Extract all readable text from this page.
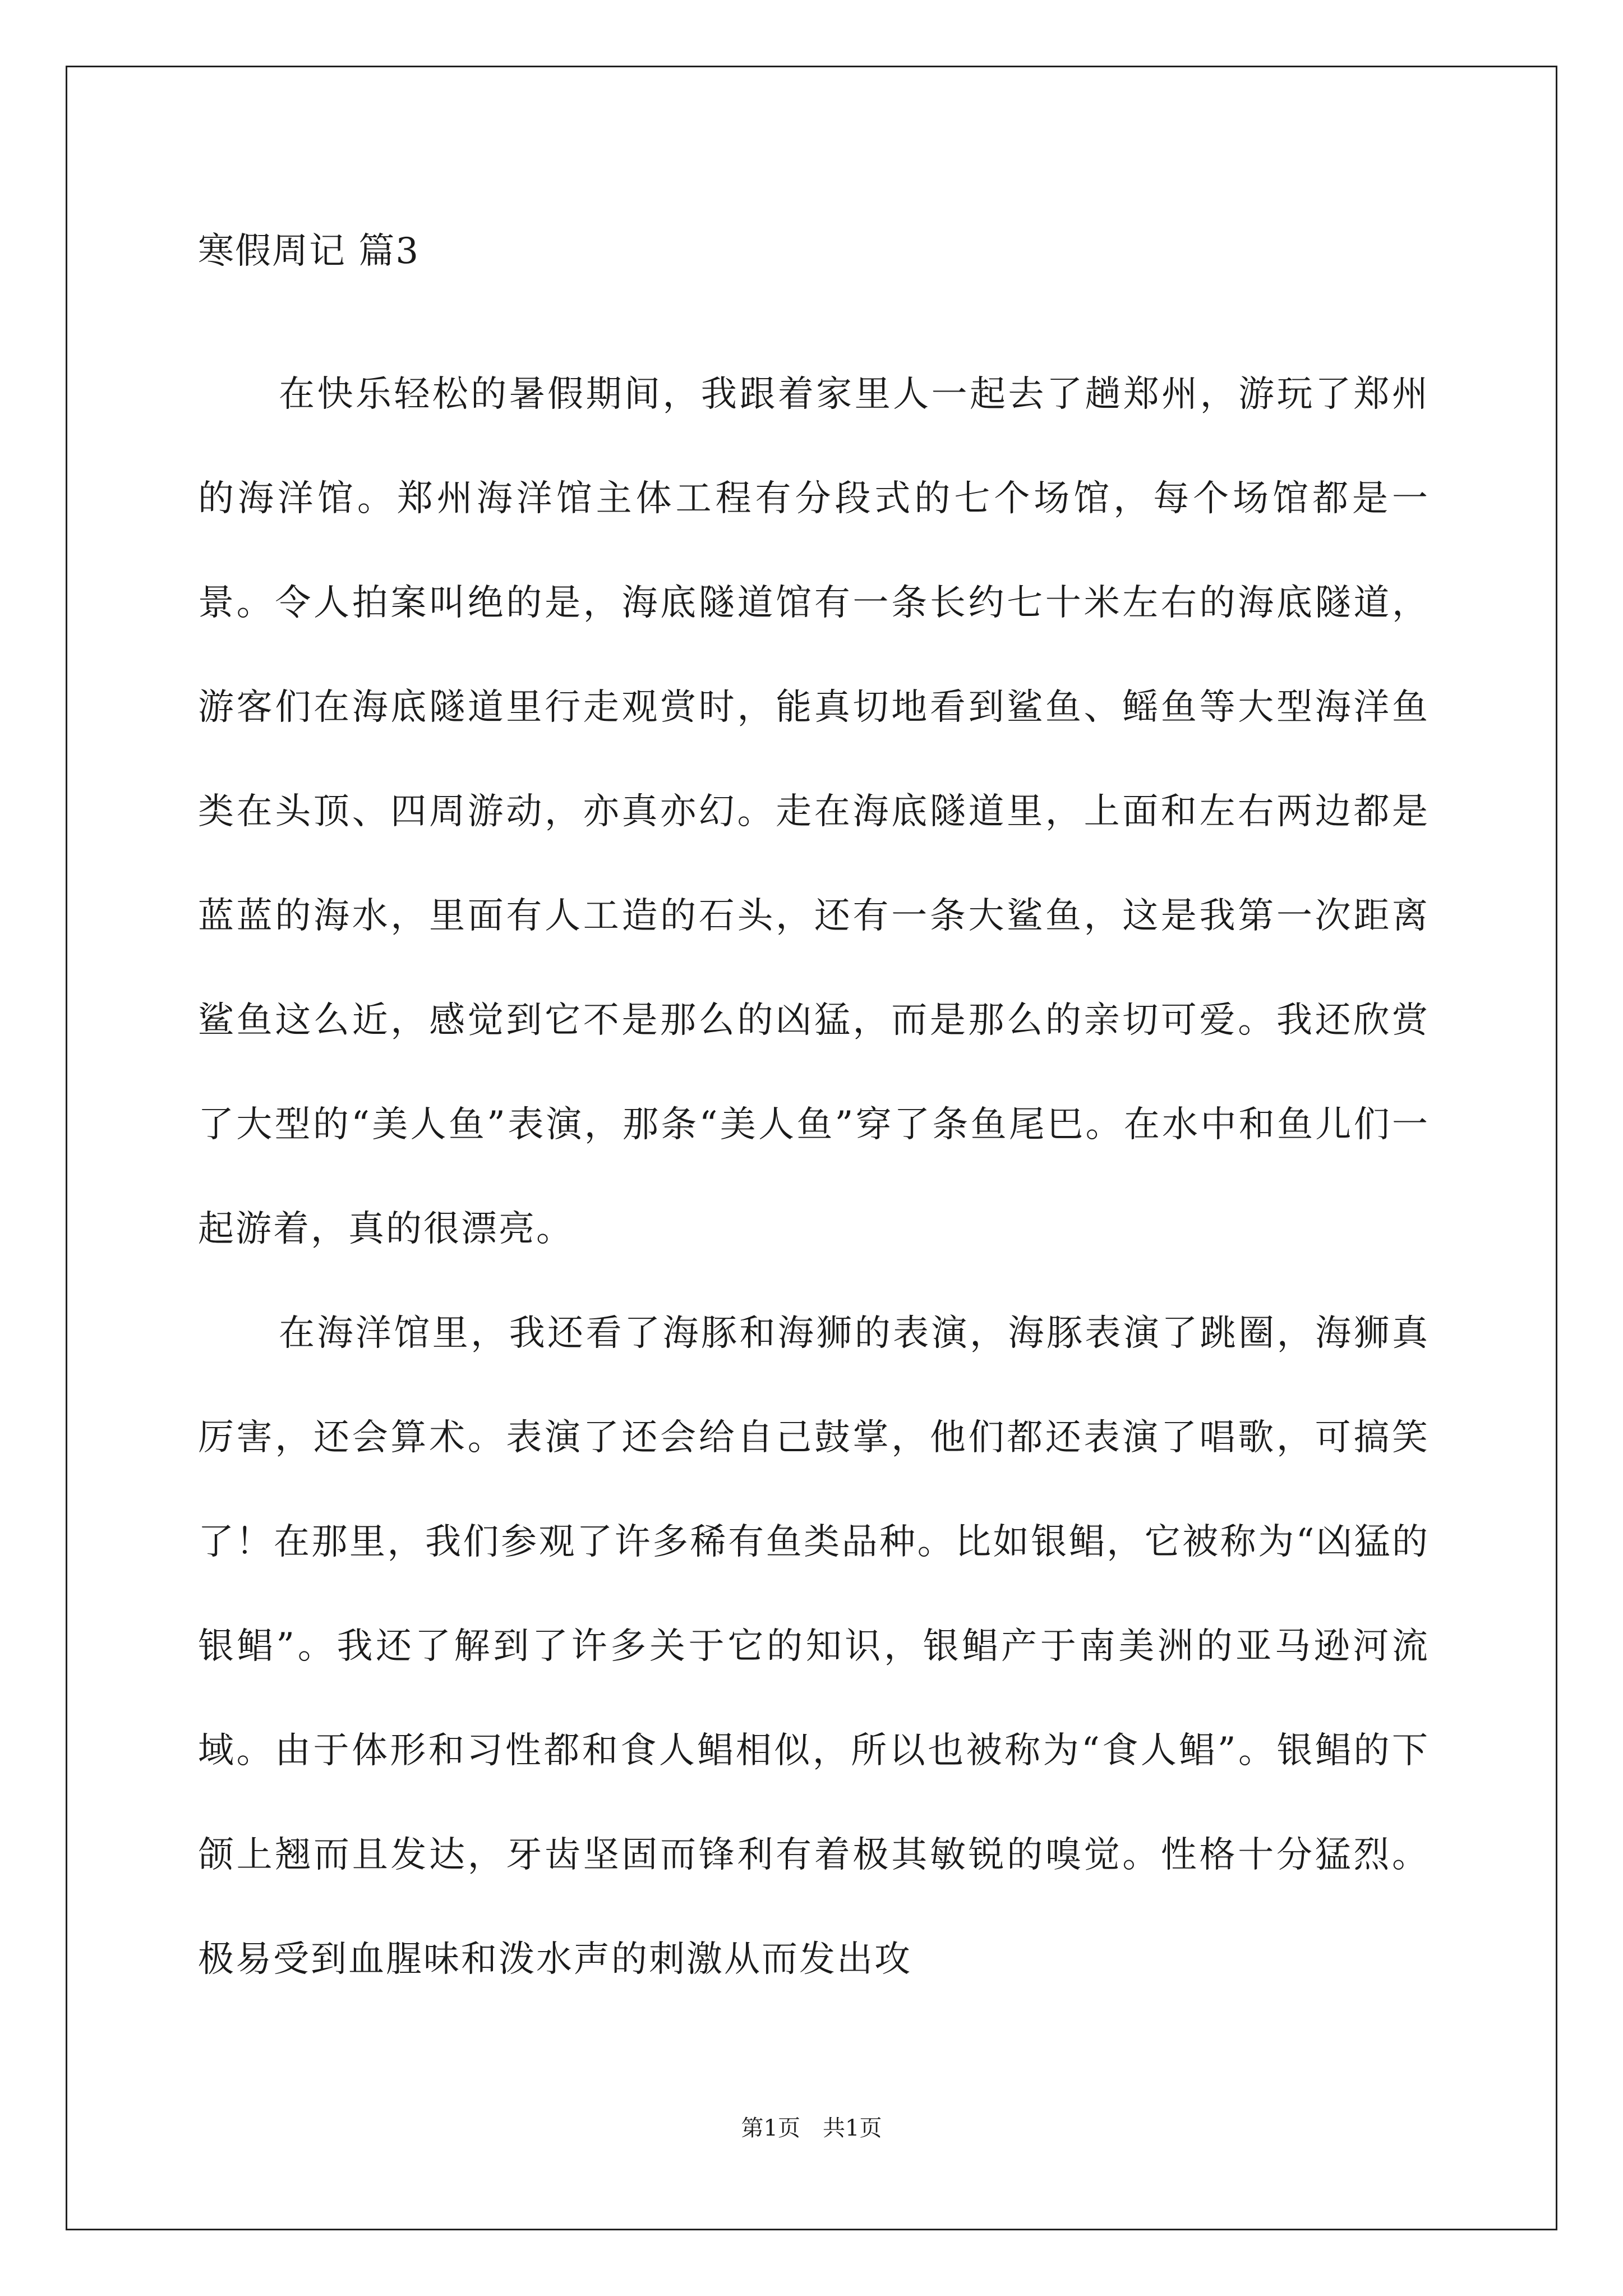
寒假周记 篇3

在快乐轻松的暑假期间，我跟着家里人一起去了趟郑州，游玩了郑州的海洋馆。郑州海洋馆主体工程有分段式的七个场馆，每个场馆都是一景。令人拍案叫绝的是，海底隧道馆有一条长约七十米左右的海底隧道，游客们在海底隧道里行走观赏时，能真切地看到鲨鱼、鳐鱼等大型海洋鱼类在头顶、四周游动，亦真亦幻。走在海底隧道里，上面和左右两边都是蓝蓝的海水，里面有人工造的石头，还有一条大鲨鱼，这是我第一次距离鲨鱼这么近，感觉到它不是那么的凶猛，而是那么的亲切可爱。我还欣赏了大型的“美人鱼”表演，那条“美人鱼”穿了条鱼尾巴。在水中和鱼儿们一起游着，真的很漂亮。

在海洋馆里，我还看了海豚和海狮的表演，海豚表演了跳圈，海狮真厉害，还会算术。表演了还会给自己鼓掌，他们都还表演了唱歌，可搞笑了！在那里，我们参观了许多稀有鱼类品种。比如银鲳，它被称为“凶猛的银鲳”。我还了解到了许多关于它的知识，银鲳产于南美洲的亚马逊河流域。由于体形和习性都和食人鲳相似，所以也被称为“食人鲳”。银鲳的下颌上翘而且发达，牙齿坚固而锋利有着极其敏锐的嗅觉。性格十分猛烈。极易受到血腥味和泼水声的刺激从而发出攻

第1页 共1页
